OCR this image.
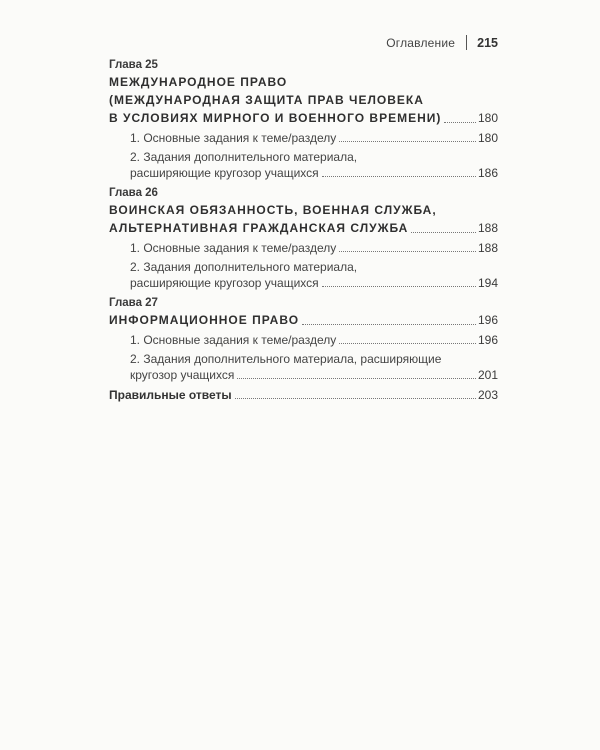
Оглавление 215
Глава 25
МЕЖДУНАРОДНОЕ ПРАВО
(МЕЖДУНАРОДНАЯ ЗАЩИТА ПРАВ ЧЕЛОВЕКА
В УСЛОВИЯХ МИРНОГО И ВОЕННОГО ВРЕМЕНИ)	180
1. Основные задания к теме/разделу	180
2. Задания дополнительного материала,
расширяющие кругозор учащихся	186
Глава 26
ВОИНСКАЯ ОБЯЗАННОСТЬ, ВОЕННАЯ СЛУЖБА,
АЛЬТЕРНАТИВНАЯ ГРАЖДАНСКАЯ СЛУЖБА	188
1. Основные задания к теме/разделу	188
2. Задания дополнительного материала,
расширяющие кругозор учащихся	194
Глава 27
ИНФОРМАЦИОННОЕ ПРАВО	196
1. Основные задания к теме/разделу	196
2. Задания дополнительного материала, расширяющие
кругозор учащихся	201
Правильные ответы	203
